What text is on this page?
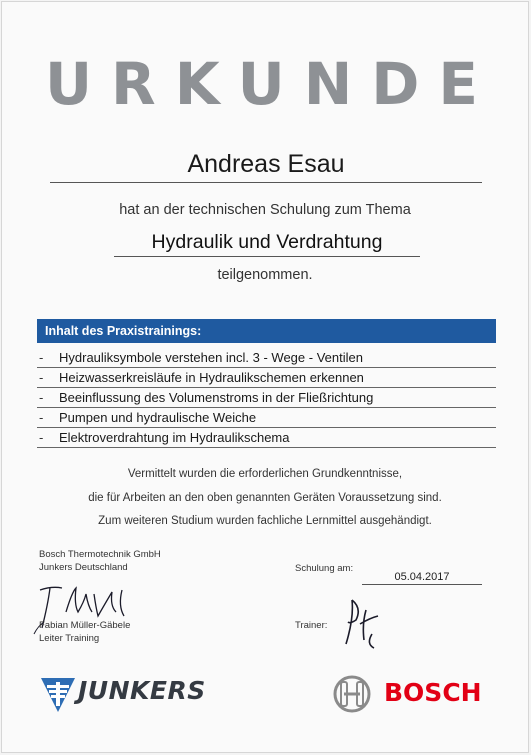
URKUNDE
Andreas Esau
hat an der technischen Schulung zum Thema
Hydraulik und Verdrahtung
teilgenommen.
Inhalt des Praxistrainings:
- Hydrauliksymbole verstehen incl. 3 - Wege - Ventilen
- Heizwasserkreisläufe in Hydraulikschemen erkennen
- Beeinflussung des Volumenstroms in der Fließrichtung
- Pumpen und hydraulische Weiche
- Elektroverdrahtung im Hydraulikschema
Vermittelt wurden die erforderlichen Grundkenntnisse,
die für Arbeiten an den oben genannten Geräten Voraussetzung sind.
Zum weiteren Studium wurden fachliche Lernmittel ausgehändigt.
Bosch Thermotechnik GmbH
Junkers Deutschland	Schulung am:
05.04.2017
Fabian Müller-Gäbele
Leiter Training
Trainer:
JUNKERS	BOSCH
